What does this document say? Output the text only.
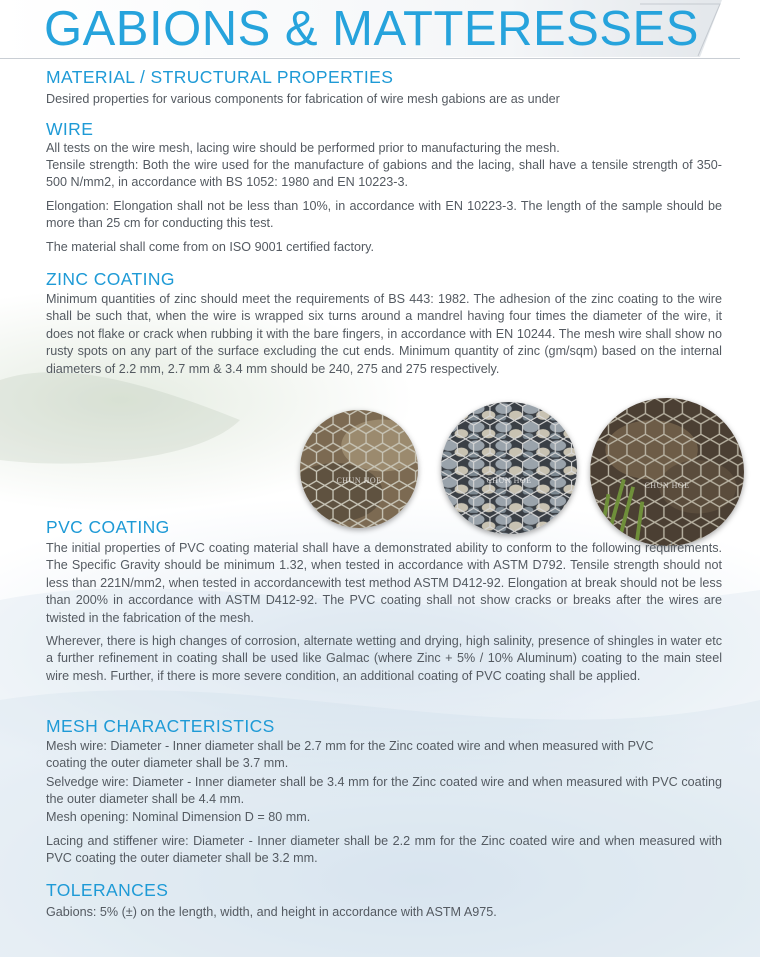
GABIONS & MATTERESSES
MATERIAL / STRUCTURAL PROPERTIES

Desired properties for various components for fabrication of wire mesh gabions are as under

WIRE

All tests on the wire mesh, lacing wire should be performed prior to manufacturing the mesh.

Tensile strength: Both the wire used for the manufacture of gabions and the lacing, shall have a tensile strength of 350-500 N/mm2, in accordance with BS 1052: 1980 and EN 10223-3.

Elongation: Elongation shall not be less than 10%, in accordance with EN 10223-3. The length of the sample should be more than 25 cm for conducting this test.

The material shall come from on ISO 9001 certified factory.

ZINC COATING

Minimum quantities of zinc should meet the requirements of BS 443: 1982. The adhesion of the zinc coating to the wire shall be such that, when the wire is wrapped six turns around a mandrel having four times the diameter of the wire, it does not flake or crack when rubbing it with the bare fingers, in accordance with EN 10244. The mesh wire shall show no rusty spots on any part of the surface excluding the cut ends. Minimum quantity of zinc (gm/sqm) based on the internal diameters of 2.2 mm, 2.7 mm & 3.4 mm should be 240, 275 and 275 respectively.

CHUN HOE	CHUN HOE
CHUN HOE
PVC COATING

The initial properties of PVC coating material shall have a demonstrated ability to conform to the following requirements. The Specific Gravity should be minimum 1.32, when tested in accordance with ASTM D792. Tensile strength should not less than 221N/mm2, when tested in accordancewith test method ASTM D412-92. Elongation at break should not be less than 200% in accordance with ASTM D412-92. The PVC coating shall not show cracks or breaks after the wires are twisted in the fabrication of the mesh.

Wherever, there is high changes of corrosion, alternate wetting and drying, high salinity, presence of shingles in water etc a further refinement in coating shall be used like Galmac (where Zinc + 5% / 10% Aluminum) coating to the main steel wire mesh. Further, if there is more severe condition, an additional coating of PVC coating shall be applied.

MESH CHARACTERISTICS

Mesh wire: Diameter - Inner diameter shall be 2.7 mm for the Zinc coated wire and when measured with PVC coating the outer diameter shall be 3.7 mm.

Selvedge wire: Diameter - Inner diameter shall be 3.4 mm for the Zinc coated wire and when measured with PVC coating the outer diameter shall be 4.4 mm.

Mesh opening: Nominal Dimension D = 80 mm.

Lacing and stiffener wire: Diameter - Inner diameter shall be 2.2 mm for the Zinc coated wire and when measured with PVC coating the outer diameter shall be 3.2 mm.

TOLERANCES

Gabions: 5% (±) on the length, width, and height in accordance with ASTM A975.
